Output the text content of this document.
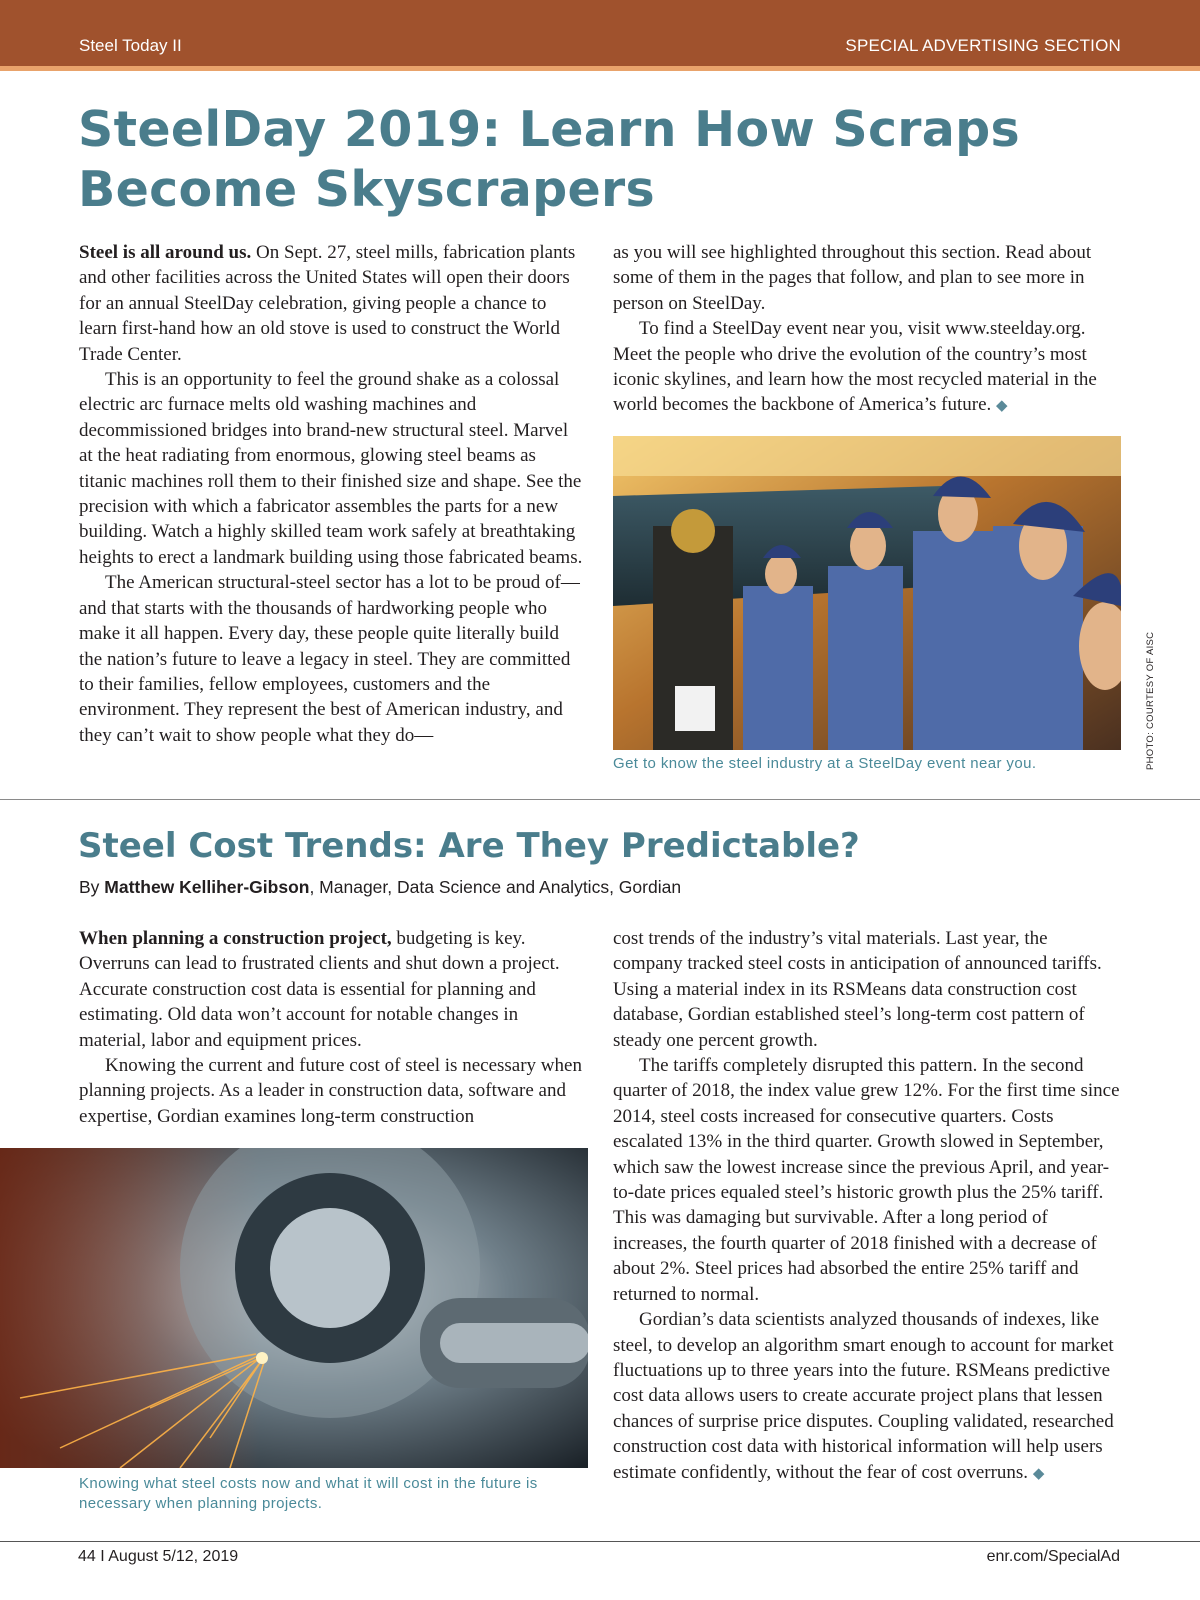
Steel Today II	SPECIAL ADVERTISING SECTION
SteelDay 2019: Learn How Scraps
Become Skyscrapers

Steel is all around us. On Sept. 27, steel mills, fabrication plants and other facilities across the United States will open their doors for an annual SteelDay celebration, giving people a chance to learn first-hand how an old stove is used to construct the World Trade Center.

This is an opportunity to feel the ground shake as a colossal electric arc furnace melts old washing machines and decommissioned bridges into brand-new structural steel. Marvel at the heat radiating from enormous, glowing steel beams as titanic machines roll them to their finished size and shape. See the precision with which a fabricator assembles the parts for a new building. Watch a highly skilled team work safely at breathtaking heights to erect a landmark building using those fabricated beams.

The American structural-steel sector has a lot to be proud of—and that starts with the thousands of hardworking people who make it all happen. Every day, these people quite literally build the nation’s future to leave a legacy in steel. They are committed to their families, fellow employees, customers and the environment. They represent the best of American industry, and they can’t wait to show people what they do—

as you will see highlighted throughout this section. Read about some of them in the pages that follow, and plan to see more in person on SteelDay.

To find a SteelDay event near you, visit www.steelday.org. Meet the people who drive the evolution of the country’s most iconic skylines, and learn how the most recycled material in the world becomes the backbone of America’s future. ◆

Get to know the steel industry at a SteelDay event near you.	PHOTO: COURTESY OF AISC
Steel Cost Trends: Are They Predictable?
By Matthew Kelliher-Gibson, Manager, Data Science and Analytics, Gordian

When planning a construction project, budgeting is key. Overruns can lead to frustrated clients and shut down a project. Accurate construction cost data is essential for planning and estimating. Old data won’t account for notable changes in material, labor and equipment prices.

Knowing the current and future cost of steel is necessary when planning projects. As a leader in construction data, software and expertise, Gordian examines long-term construction

Knowing what steel costs now and what it will cost in the future is necessary when planning projects.

cost trends of the industry’s vital materials. Last year, the company tracked steel costs in anticipation of announced tariffs. Using a material index in its RSMeans data construction cost database, Gordian established steel’s long-term cost pattern of steady one percent growth.

The tariffs completely disrupted this pattern. In the second quarter of 2018, the index value grew 12%. For the first time since 2014, steel costs increased for consecutive quarters. Costs escalated 13% in the third quarter. Growth slowed in September, which saw the lowest increase since the previous April, and year-to-date prices equaled steel’s historic growth plus the 25% tariff. This was damaging but survivable. After a long period of increases, the fourth quarter of 2018 finished with a decrease of about 2%. Steel prices had absorbed the entire 25% tariff and returned to normal.

Gordian’s data scientists analyzed thousands of indexes, like steel, to develop an algorithm smart enough to account for market fluctuations up to three years into the future. RSMeans predictive cost data allows users to create accurate project plans that lessen chances of surprise price disputes. Coupling validated, researched construction cost data with historical information will help users estimate confidently, without the fear of cost overruns. ◆

44 I August 5/12, 2019	enr.com/SpecialAd
